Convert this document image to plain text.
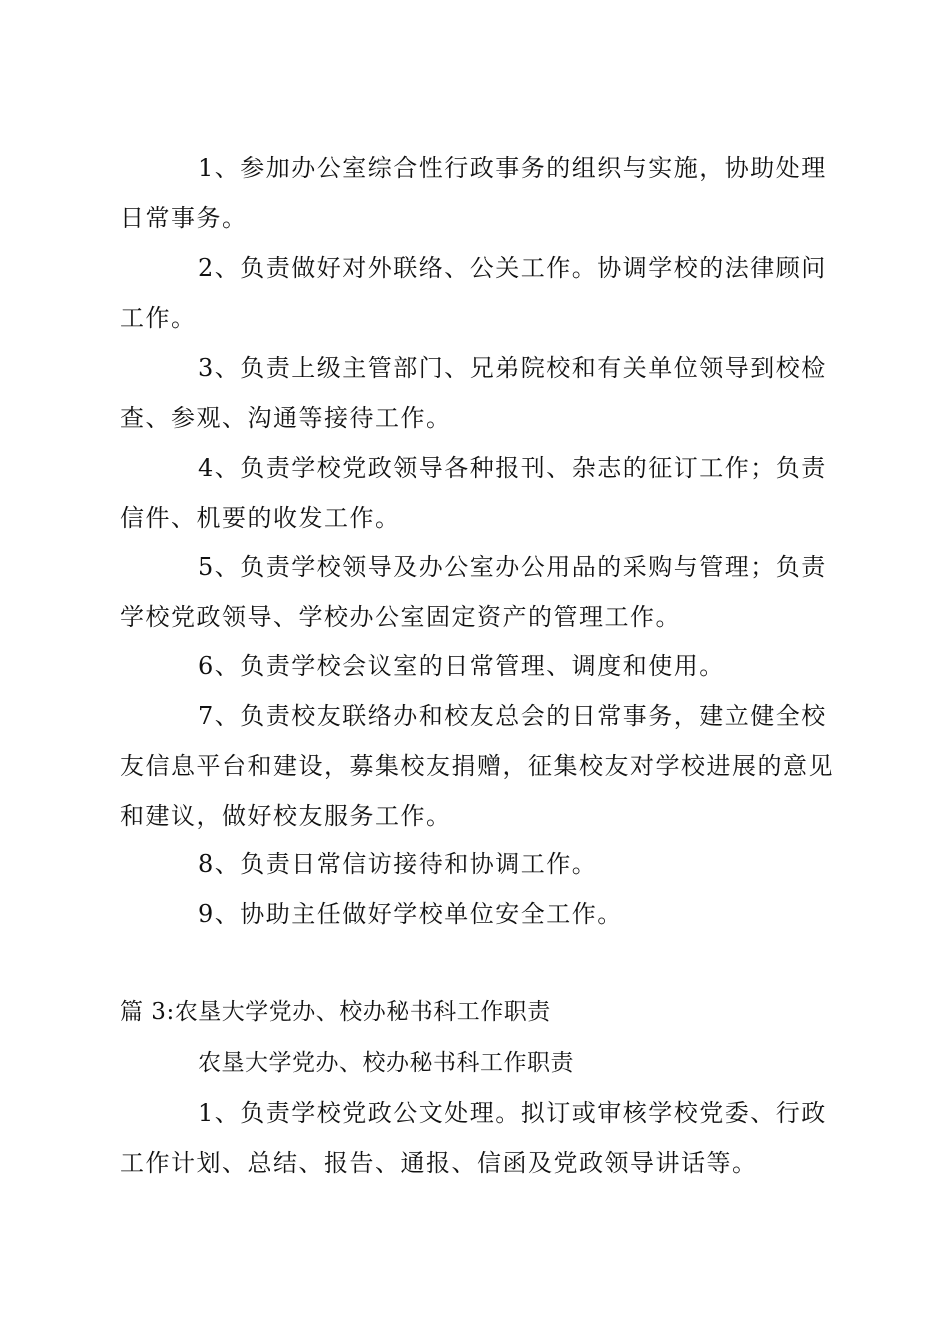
1、参加办公室综合性行政事务的组织与实施，协助处理日常事务。
2、负责做好对外联络、公关工作。协调学校的法律顾问工作。
3、负责上级主管部门、兄弟院校和有关单位领导到校检查、参观、沟通等接待工作。
4、负责学校党政领导各种报刊、杂志的征订工作；负责信件、机要的收发工作。
5、负责学校领导及办公室办公用品的采购与管理；负责学校党政领导、学校办公室固定资产的管理工作。
6、负责学校会议室的日常管理、调度和使用。
7、负责校友联络办和校友总会的日常事务，建立健全校友信息平台和建设，募集校友捐赠，征集校友对学校进展的意见和建议，做好校友服务工作。
8、负责日常信访接待和协调工作。
9、协助主任做好学校单位安全工作。
篇 3:农垦大学党办、校办秘书科工作职责
农垦大学党办、校办秘书科工作职责
1、负责学校党政公文处理。拟订或审核学校党委、行政工作计划、总结、报告、通报、信函及党政领导讲话等。
